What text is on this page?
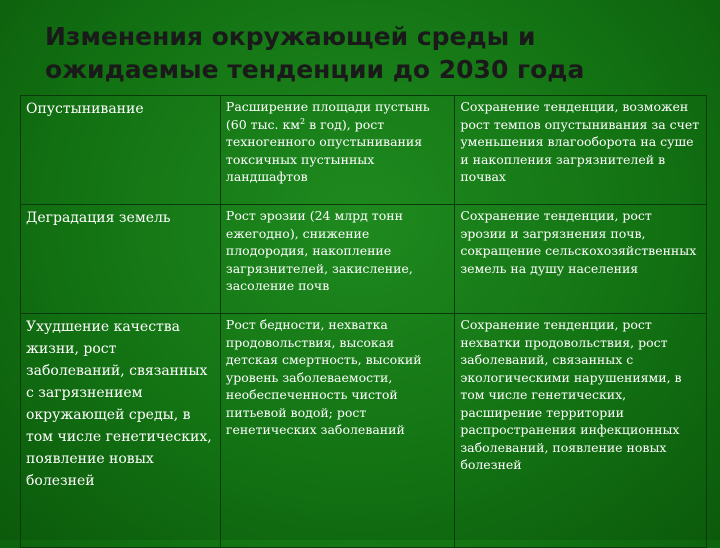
Изменения окружающей среды и
ожидаемые тенденции до 2030 года
Опустынивание	Расширение площади пустынь (60 тыс. $км^2$ в год), рост техногенного опустынивания токсичных пустынных ландшафтов	Сохранение тенденции, возможен рост темпов опустынивания за счет уменьшения влагооборота на суше и накопления загрязнителей в почвах
Деградация земель	Рост эрозии (24 млрд тонн ежегодно), снижение плодородия, накопление загрязнителей, закисление, засоление почв	Сохранение тенденции, рост эрозии и загрязнения почв, сокращение сельскохозяйственных земель на душу населения
Ухудшение качества жизни, рост заболеваний, связанных с загрязнением окружающей среды, в том числе генетических, появление новых болезней	Рост бедности, нехватка продовольствия, высокая детская смертность, высокий уровень заболеваемости, необеспеченность чистой питьевой водой; рост генетических заболеваний	Сохранение тенденции, рост нехватки продовольствия, рост заболеваний, связанных с экологическими нарушениями, в том числе генетических, расширение территории распространения инфекционных заболеваний, появление новых болезней
